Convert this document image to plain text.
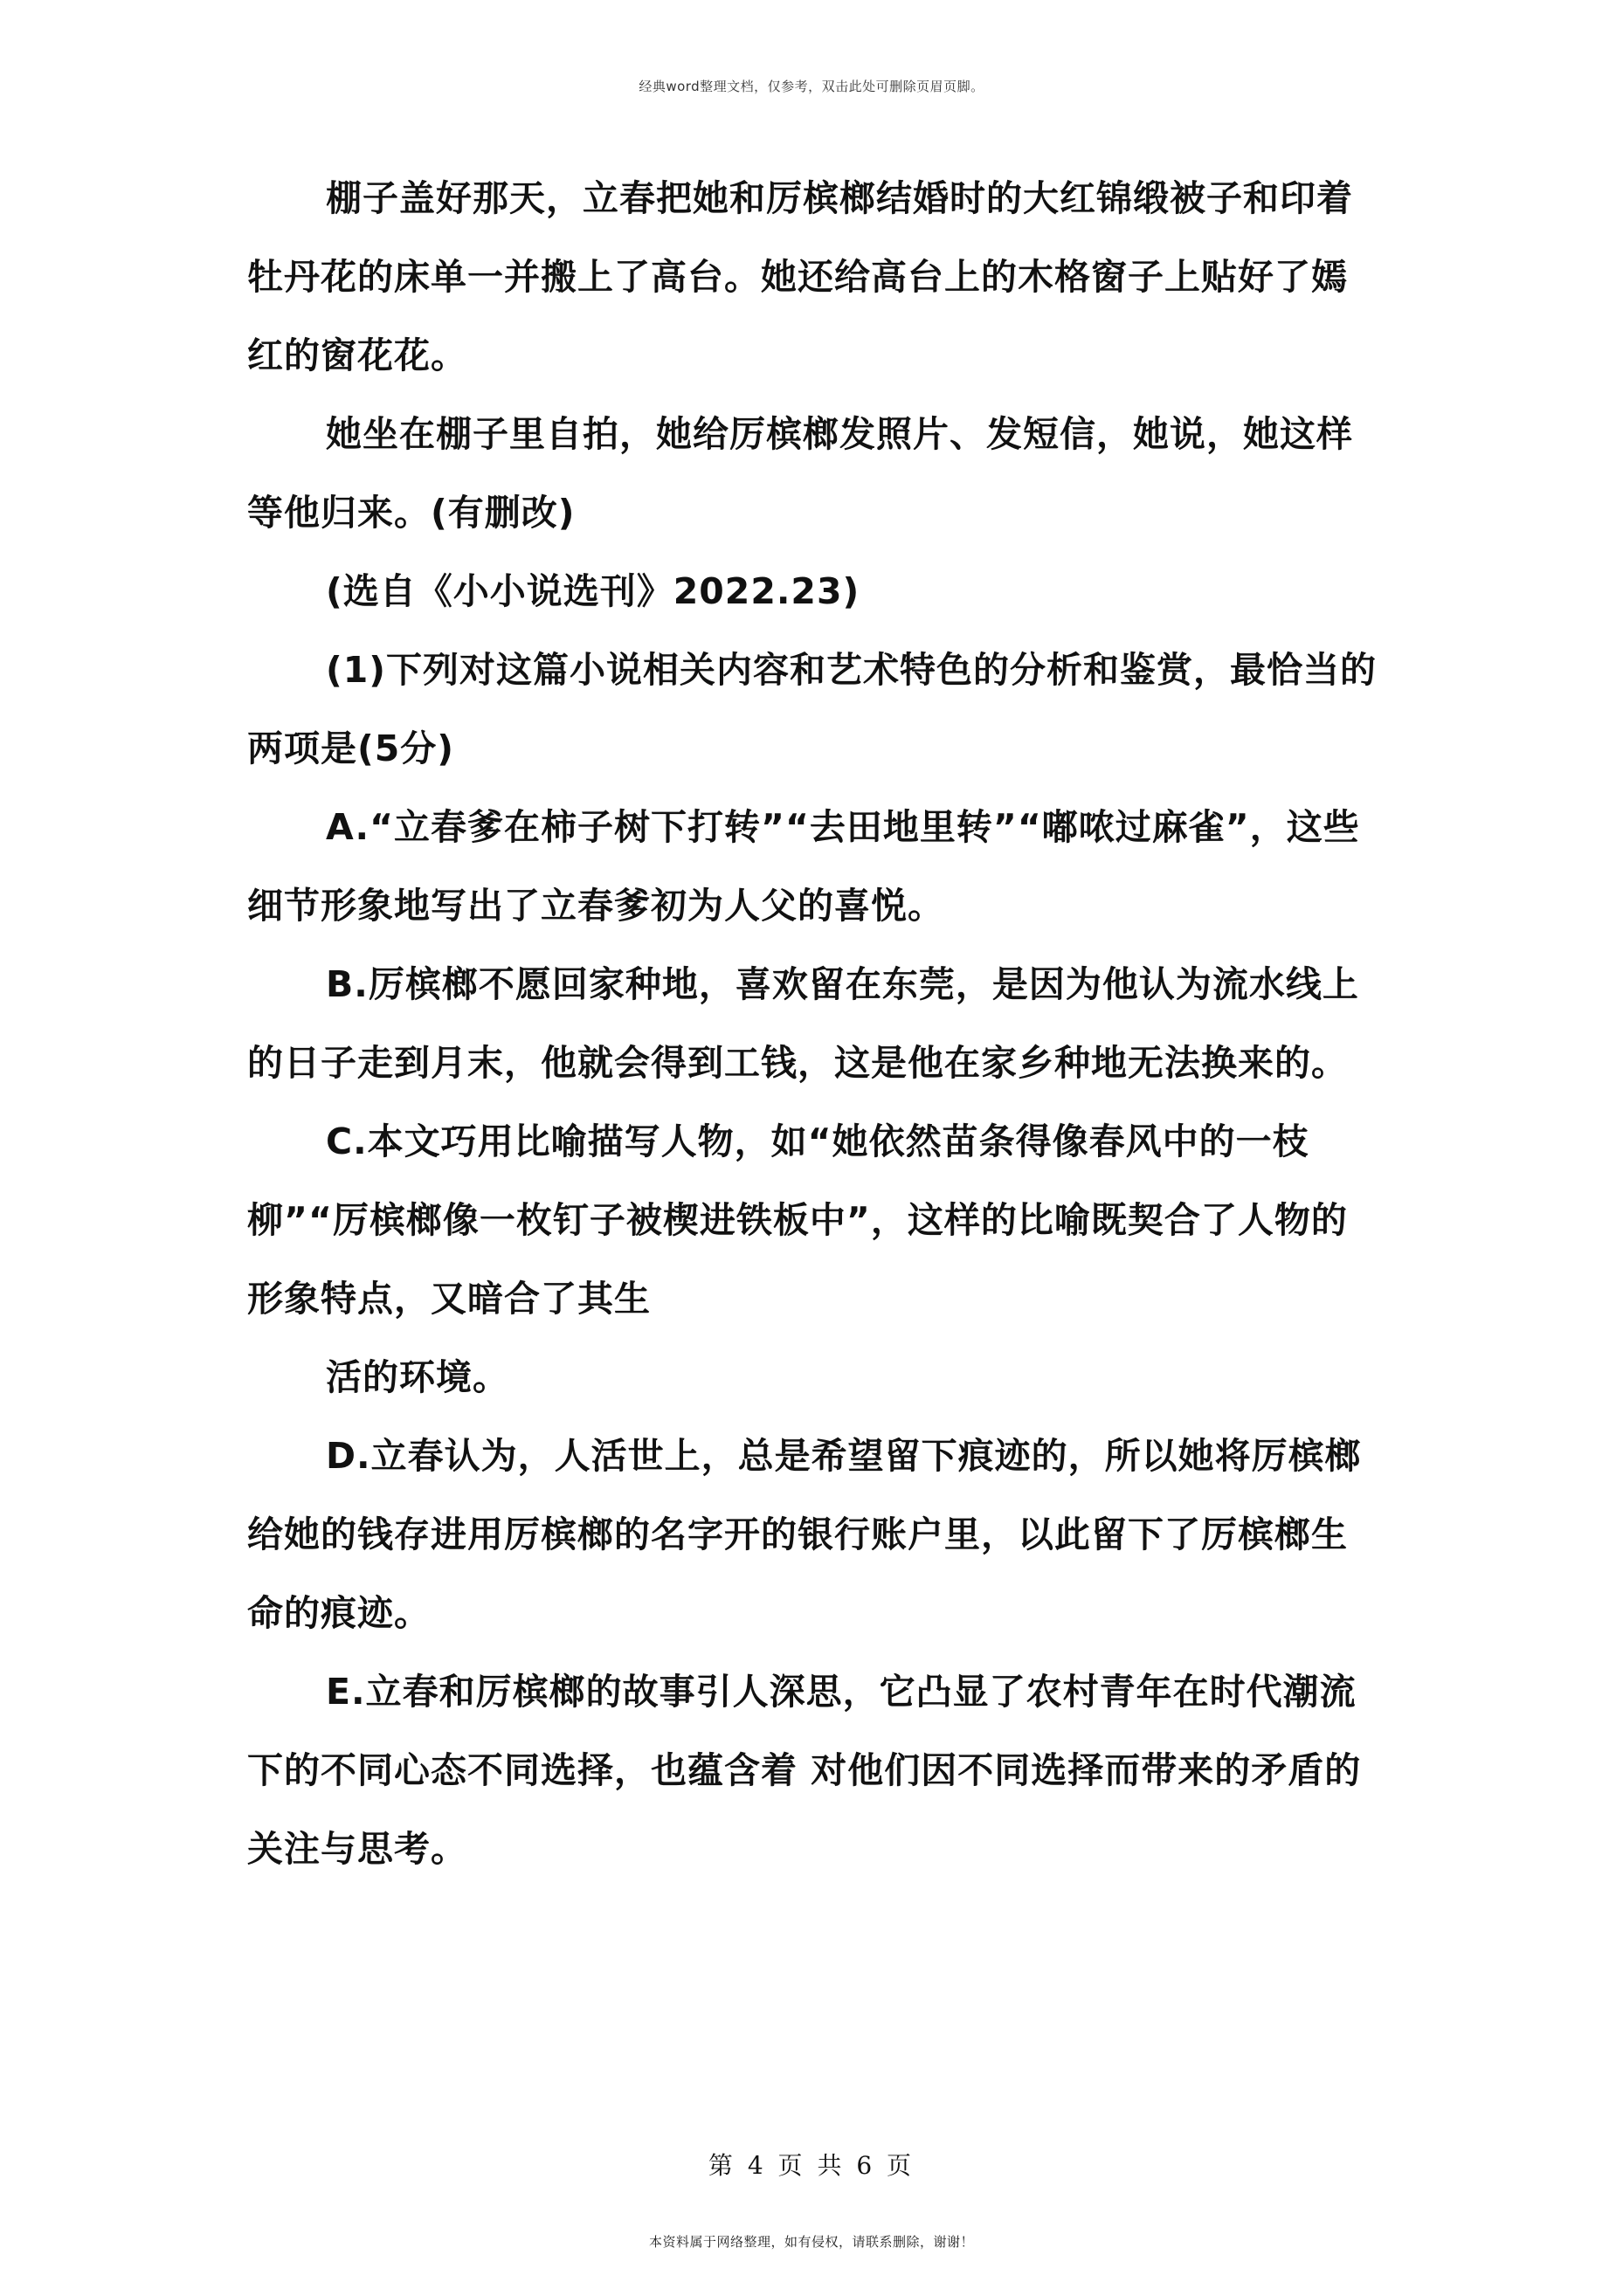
经典word整理文档，仅参考，双击此处可删除页眉页脚。

棚子盖好那天，立春把她和厉槟榔结婚时的大红锦缎被子和印着牡丹花的床单一并搬上了高台。她还给高台上的木格窗子上贴好了嫣红的窗花花。

她坐在棚子里自拍，她给厉槟榔发照片、发短信，她说，她这样等他归来。(有删改)

(选自《小小说选刊》2022.23)

(1)下列对这篇小说相关内容和艺术特色的分析和鉴赏，最恰当的两项是(5分)

A.“立春爹在柿子树下打转”“去田地里转”“嘟哝过麻雀”，这些细节形象地写出了立春爹初为人父的喜悦。

B.厉槟榔不愿回家种地，喜欢留在东莞，是因为他认为流水线上的日子走到月末，他就会得到工钱，这是他在家乡种地无法换来的。

C.本文巧用比喻描写人物，如“她依然苗条得像春风中的一枝柳”“厉槟榔像一枚钉子被楔进铁板中”，这样的比喻既契合了人物的形象特点，又暗合了其生

活的环境。

D.立春认为，人活世上，总是希望留下痕迹的，所以她将厉槟榔给她的钱存进用厉槟榔的名字开的银行账户里，以此留下了厉槟榔生命的痕迹。

E.立春和厉槟榔的故事引人深思，它凸显了农村青年在时代潮流下的不同心态不同选择，也蕴含着 对他们因不同选择而带来的矛盾的关注与思考。

第 4 页 共 6 页
本资料属于网络整理，如有侵权，请联系删除，谢谢！
